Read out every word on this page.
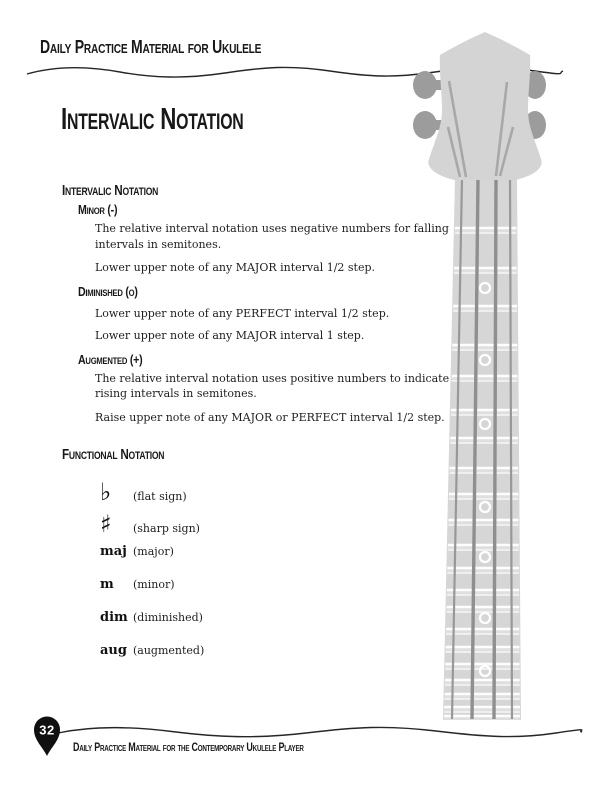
Daily Practice Material for Ukulele
Intervalic Notation
Intervalic Notation
Minor (-)
The relative interval notation uses negative numbers for falling
intervals in semitones.
Lower upper note of any MAJOR interval 1/2 step.
Diminished (o)
Lower upper note of any PERFECT interval 1/2 step.
Lower upper note of any MAJOR interval 1 step.
Augmented (+)
The relative interval notation uses positive numbers to indicate
rising intervals in semitones.
Raise upper note of any MAJOR or PERFECT interval 1/2 step.
Functional Notation
♭	(flat sign)
♯	(sharp sign)
maj (major)
m	(minor)
dim (diminished)
aug (augmented)
32
Daily Practice Material for the Contemporary Ukulele Player
